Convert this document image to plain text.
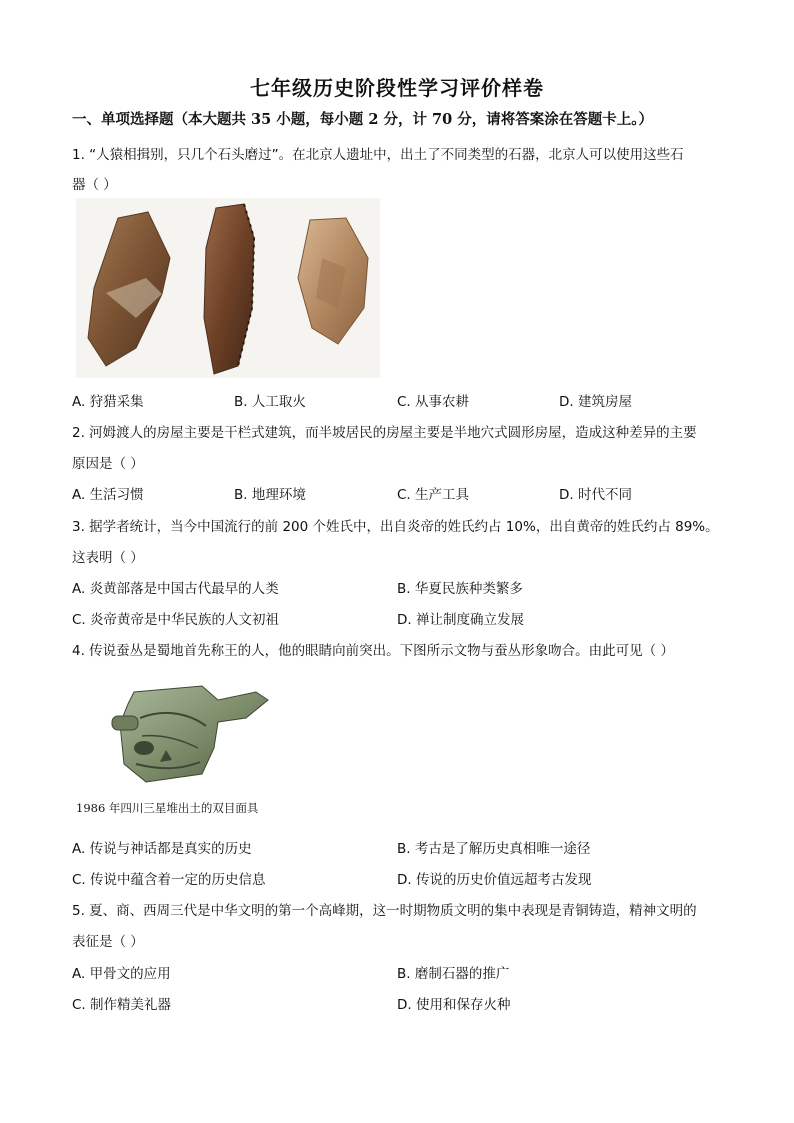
七年级历史阶段性学习评价样卷
一、单项选择题（本大题共 35 小题，每小题 2 分，计 70 分，请将答案涂在答题卡上。）
1. “人猿相揖别，只几个石头磨过”。在北京人遗址中，出土了不同类型的石器，北京人可以使用这些石
器（ ）
A. 狩猎采集	B. 人工取火	C. 从事农耕	D. 建筑房屋
2. 河姆渡人的房屋主要是干栏式建筑，而半坡居民的房屋主要是半地穴式圆形房屋，造成这种差异的主要
原因是（ ）
A. 生活习惯	B. 地理环境	C. 生产工具	D. 时代不同
3. 据学者统计，当今中国流行的前 200 个姓氏中，出自炎帝的姓氏约占 10%，出自黄帝的姓氏约占 89%。
这表明（ ）
A. 炎黄部落是中国古代最早的人类	B. 华夏民族种类繁多
C. 炎帝黄帝是中华民族的人文初祖	D. 禅让制度确立发展
4. 传说蚕丛是蜀地首先称王的人，他的眼睛向前突出。下图所示文物与蚕丛形象吻合。由此可见（ ）
1986 年四川三星堆出土的双目面具
A. 传说与神话都是真实的历史	B. 考古是了解历史真相唯一途径
C. 传说中蕴含着一定的历史信息	D. 传说的历史价值远超考古发现
5. 夏、商、西周三代是中华文明的第一个高峰期，这一时期物质文明的集中表现是青铜铸造，精神文明的
表征是（ ）
A. 甲骨文的应用	B. 磨制石器的推广
C. 制作精美礼器	D. 使用和保存火种
